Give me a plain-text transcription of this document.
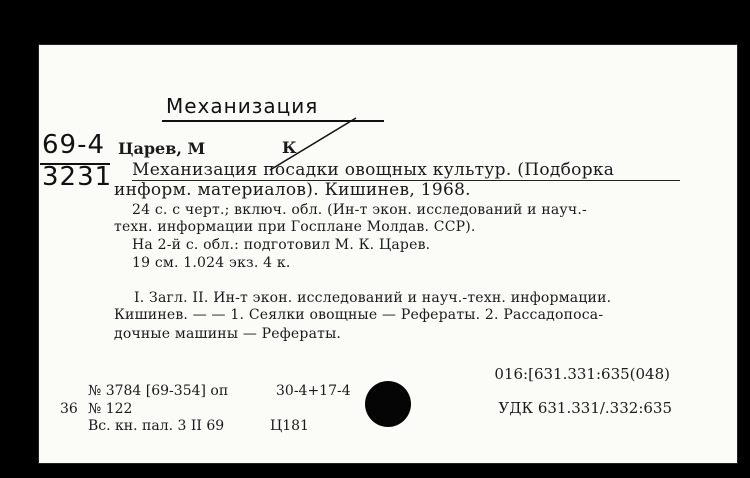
Механизация
69-4
3231
Царев, М	К
Механизация посадки овощных культур. (Подборка
информ. материалов). Кишинев, 1968.
24 с. с черт.; включ. обл. (Ин-т экон. исследований и науч.-
техн. информации при Госплане Молдав. ССР).
На 2-й с. обл.: подготовил М. К. Царев.
19 см. 1.024 экз. 4 к.
I. Загл. II. Ин-т экон. исследований и науч.-техн. информации.
Кишинев. — — 1. Сеялки овощные — Рефераты. 2. Рассадопоса-
дочные машины — Рефераты.
016:[631.331:635(048)
№ 3784 [69-354] оп	30-4+17-4
36 № 122	УДК 631.331/.332:635
Вс. кн. пал. 3 II 69	Ц181
